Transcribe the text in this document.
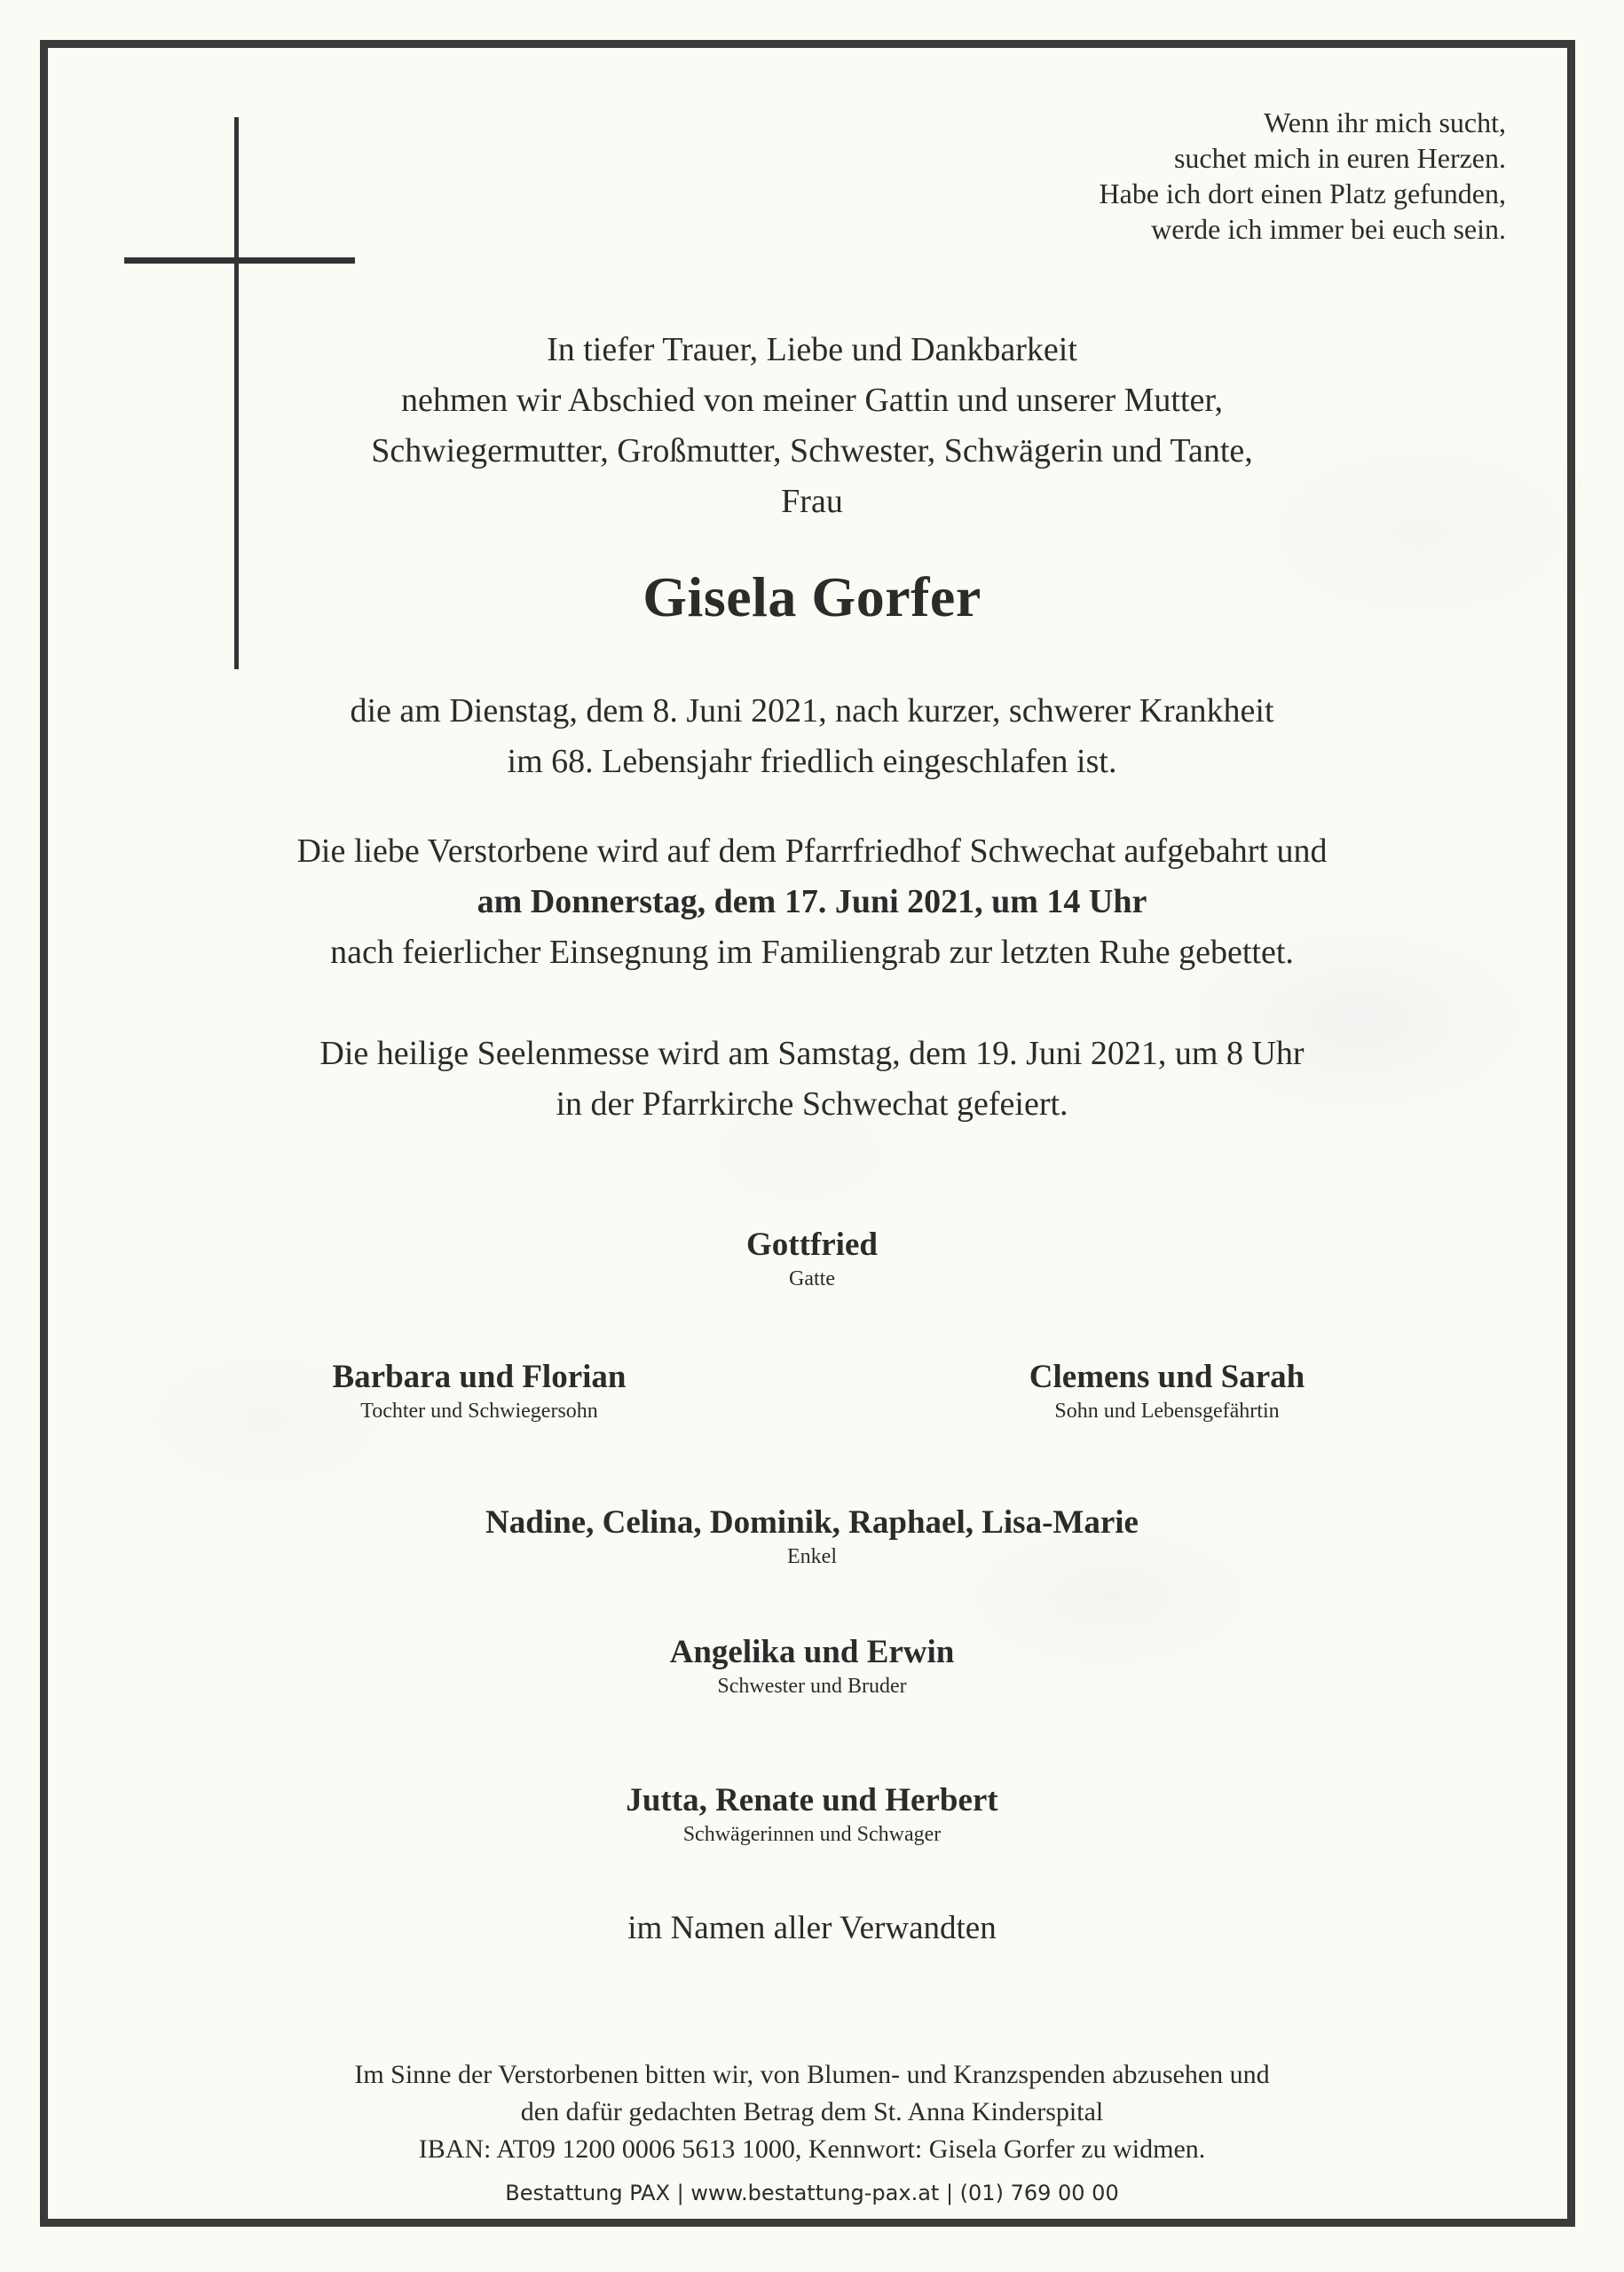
Wenn ihr mich sucht,
suchet mich in euren Herzen.
Habe ich dort einen Platz gefunden,
werde ich immer bei euch sein.
In tiefer Trauer, Liebe und Dankbarkeit
nehmen wir Abschied von meiner Gattin und unserer Mutter,
Schwiegermutter, Großmutter, Schwester, Schwägerin und Tante,
Frau
Gisela Gorfer
die am Dienstag, dem 8. Juni 2021, nach kurzer, schwerer Krankheit
im 68. Lebensjahr friedlich eingeschlafen ist.
Die liebe Verstorbene wird auf dem Pfarrfriedhof Schwechat aufgebahrt und
am Donnerstag, dem 17. Juni 2021, um 14 Uhr
nach feierlicher Einsegnung im Familiengrab zur letzten Ruhe gebettet.
Die heilige Seelenmesse wird am Samstag, dem 19. Juni 2021, um 8 Uhr
in der Pfarrkirche Schwechat gefeiert.
Gottfried
Gatte
Barbara und Florian
Tochter und Schwiegersohn
Clemens und Sarah
Sohn und Lebensgefährtin
Nadine, Celina, Dominik, Raphael, Lisa-Marie
Enkel
Angelika und Erwin
Schwester und Bruder
Jutta, Renate und Herbert
Schwägerinnen und Schwager
im Namen aller Verwandten
Im Sinne der Verstorbenen bitten wir, von Blumen- und Kranzspenden abzusehen und
den dafür gedachten Betrag dem St. Anna Kinderspital
IBAN: AT09 1200 0006 5613 1000, Kennwort: Gisela Gorfer zu widmen.
Bestattung PAX | www.bestattung-pax.at | (01) 769 00 00
